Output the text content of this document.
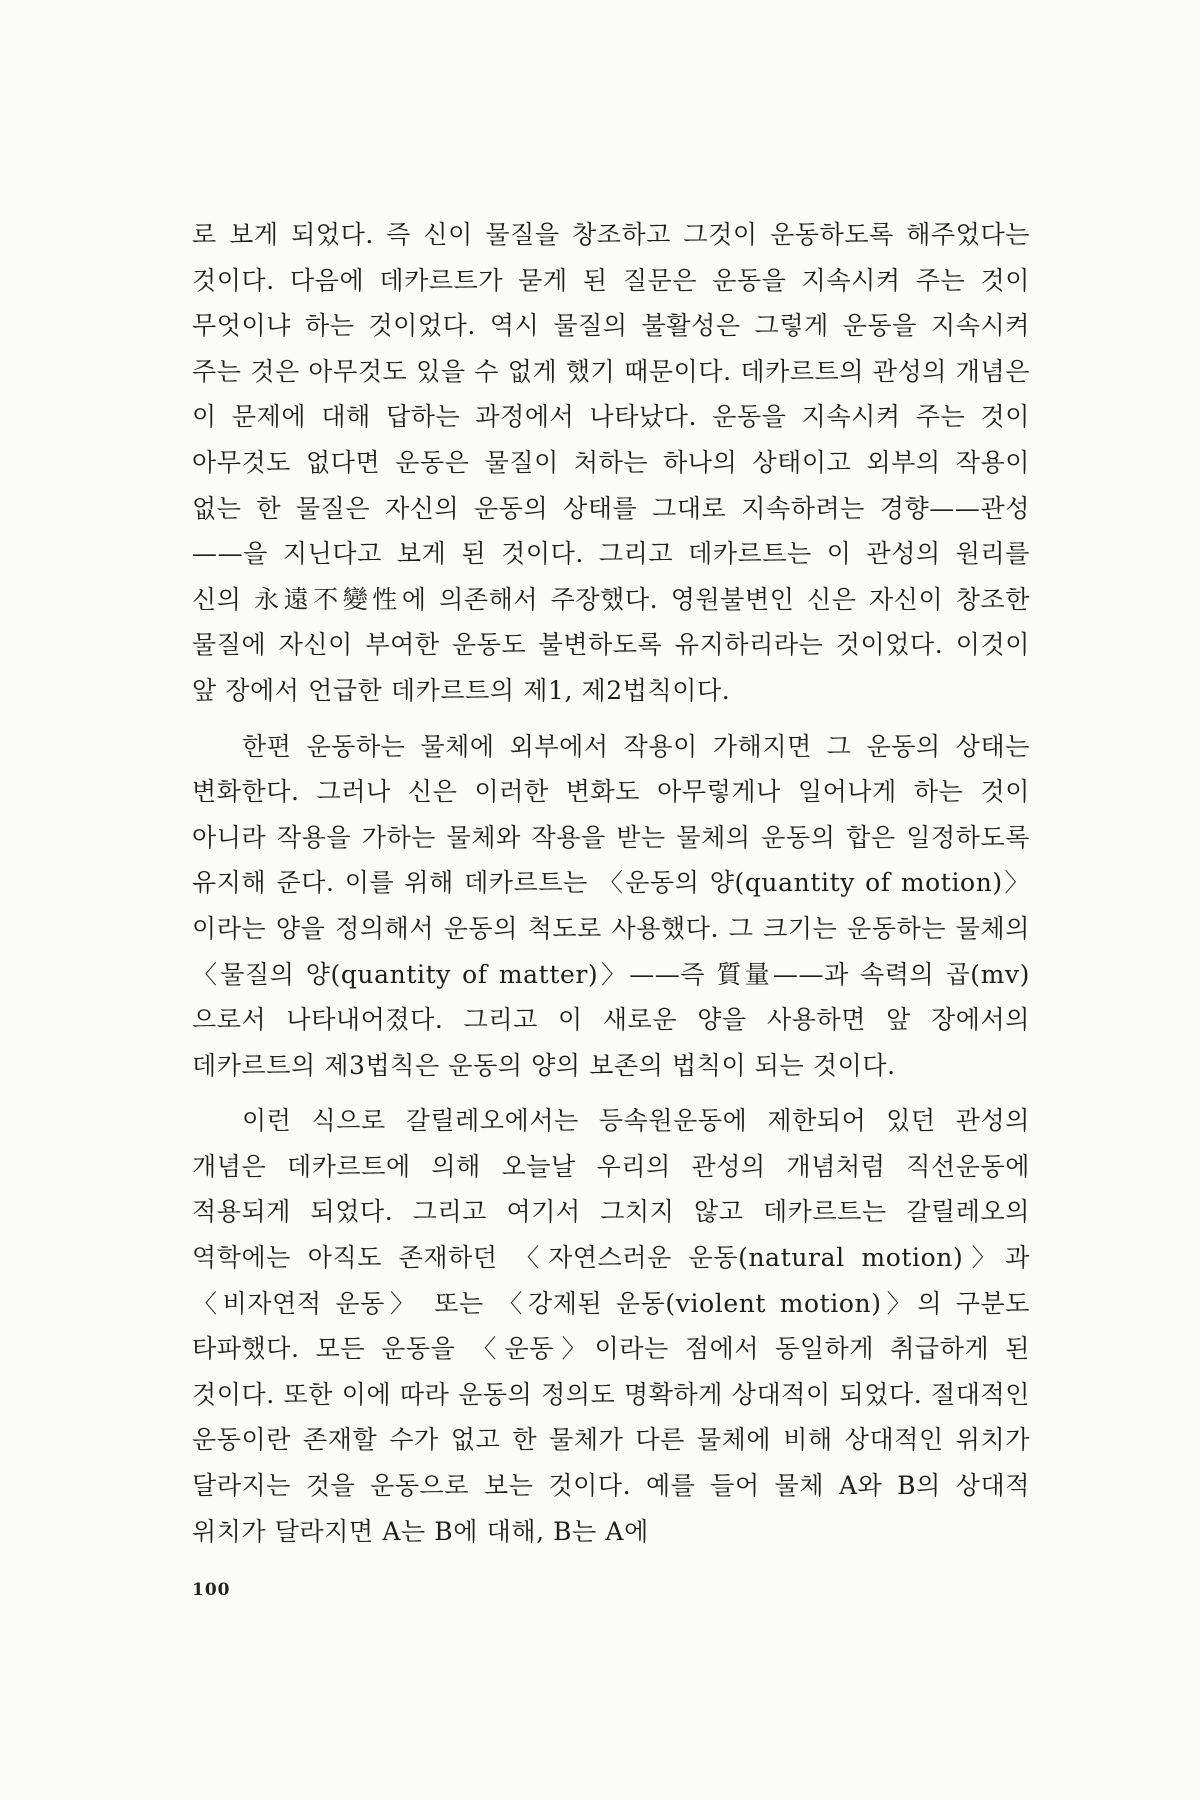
로 보게 되었다. 즉 신이 물질을 창조하고 그것이 운동하도록 해주었다는 것이다. 다음에 데카르트가 묻게 된 질문은 운동을 지속시켜 주는 것이 무엇이냐 하는 것이었다. 역시 물질의 불활성은 그렇게 운동을 지속시켜 주는 것은 아무것도 있을 수 없게 했기 때문이다. 데카르트의 관성의 개념은 이 문제에 대해 답하는 과정에서 나타났다. 운동을 지속시켜 주는 것이 아무것도 없다면 운동은 물질이 처하는 하나의 상태이고 외부의 작용이 없는 한 물질은 자신의 운동의 상태를 그대로 지속하려는 경향——관성——을 지닌다고 보게 된 것이다. 그리고 데카르트는 이 관성의 원리를 신의 永遠不變性에 의존해서 주장했다. 영원불변인 신은 자신이 창조한 물질에 자신이 부여한 운동도 불변하도록 유지하리라는 것이었다. 이것이 앞 장에서 언급한 데카르트의 제1, 제2법칙이다.

한편 운동하는 물체에 외부에서 작용이 가해지면 그 운동의 상태는 변화한다. 그러나 신은 이러한 변화도 아무렇게나 일어나게 하는 것이 아니라 작용을 가하는 물체와 작용을 받는 물체의 운동의 합은 일정하도록 유지해 준다. 이를 위해 데카르트는 〈운동의 양(quantity of motion)〉이라는 양을 정의해서 운동의 척도로 사용했다. 그 크기는 운동하는 물체의 〈물질의 양(quantity of matter)〉——즉 質量——과 속력의 곱(mv)으로서 나타내어졌다. 그리고 이 새로운 양을 사용하면 앞 장에서의 데카르트의 제3법칙은 운동의 양의 보존의 법칙이 되는 것이다.

이런 식으로 갈릴레오에서는 등속원운동에 제한되어 있던 관성의 개념은 데카르트에 의해 오늘날 우리의 관성의 개념처럼 직선운동에 적용되게 되었다. 그리고 여기서 그치지 않고 데카르트는 갈릴레오의 역학에는 아직도 존재하던 〈자연스러운 운동(natural motion)〉과 〈비자연적 운동〉 또는 〈강제된 운동(violent motion)〉의 구분도 타파했다. 모든 운동을 〈운동〉이라는 점에서 동일하게 취급하게 된 것이다. 또한 이에 따라 운동의 정의도 명확하게 상대적이 되었다. 절대적인 운동이란 존재할 수가 없고 한 물체가 다른 물체에 비해 상대적인 위치가 달라지는 것을 운동으로 보는 것이다. 예를 들어 물체 A와 B의 상대적 위치가 달라지면 A는 B에 대해, B는 A에

100
